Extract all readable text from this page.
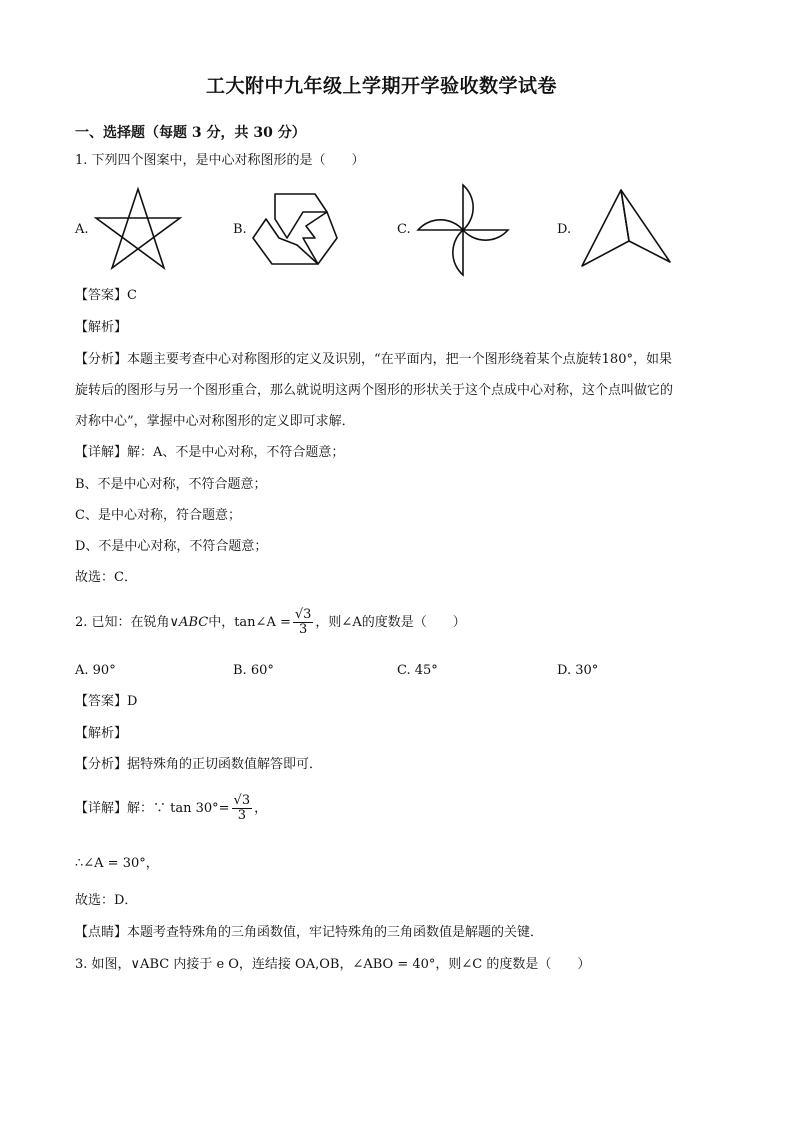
工大附中九年级上学期开学验收数学试卷
一、选择题（每题 3 分，共 30 分）
1. 下列四个图案中，是中心对称图形的是（　　）
A.	B.	C.	D.
【答案】C
【解析】
【分析】本题主要考查中心对称图形的定义及识别，“在平面内，把一个图形绕着某个点旋转180°，如果
旋转后的图形与另一个图形重合，那么就说明这两个图形的形状关于这个点成中心对称，这个点叫做它的
对称中心”，掌握中心对称图形的定义即可求解．
【详解】解：A、不是中心对称，不符合题意；
B、不是中心对称，不符合题意；
C、是中心对称，符合题意；
D、不是中心对称，不符合题意；
故选：C．
2. 已知：在锐角∨ABC中，tan∠A = $\frac{√3}{3}$ ，则∠A的度数是（　　）
A. 90°	B. 60°	C. 45°	D. 30°
【答案】D
【解析】
【分析】据特殊角的正切函数值解答即可．
【详解】解：∵ $\tan 30^\circ= \frac{√3}{3}$ ，
∴∠A = 30°，
故选：D．
【点睛】本题考查特殊角的三角函数值，牢记特殊角的三角函数值是解题的关键．
3. 如图，∨ABC 内接于 e O，连结接 OA,OB，∠ABO = 40°，则∠C 的度数是（　　）
